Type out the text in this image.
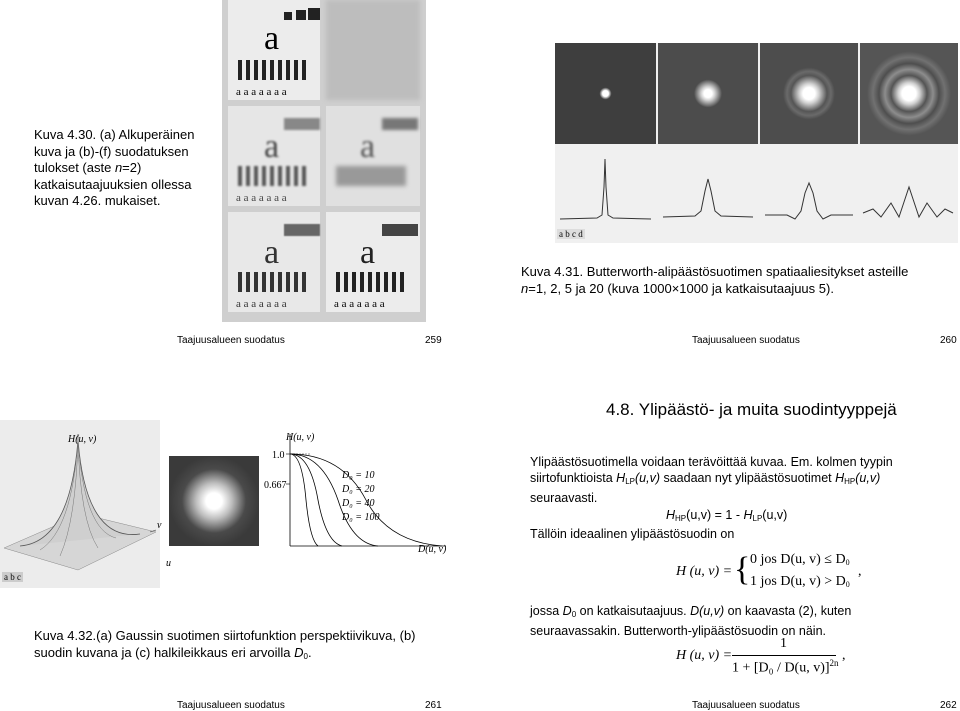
Kuva 4.30. (a) Alkuperäinen
kuva ja (b)-(f) suodatuksen
tulokset (aste n=2)
katkaisutaajuuksien ollessa
kuvan 4.26. mukaiset.
a
a a a a a a a
a
a a a a a a a
a
a a a a a a a
a
a
a a a a a a a
Taajuusalueen suodatus	259
a b c d
Kuva 4.31. Butterworth-alipäästösuotimen spatiaaliesitykset asteille
n=1, 2, 5 ja 20 (kuva 1000×1000 ja katkaisutaajuus 5).
Taajuusalueen suodatus	260
H(u, v)
v
u
a b c
H(u, v)
1.0
0.667
D(u, v)
D₀ = 10
D₀ = 20
D₀ = 40
D₀ = 100
Kuva 4.32.(a) Gaussin suotimen siirtofunktion perspektiivikuva, (b)
suodin kuvana ja (c) halkileikkaus eri arvoilla $D_0$.
Taajuusalueen suodatus	261
4.8. Ylipäästö- ja muita suodintyyppejä
Ylipäästösuotimella voidaan terävöittää kuvaa. Em. kolmen tyypin
siirtofunktioista $H_{LP}(u,v)$ saadaan nyt ylipäästösuotimet $H_{HP}(u,v)$
seuraavasti.
$H_{HP}(u,v) = 1 - H_{LP}(u,v)$
Tällöin ideaalinen ylipäästösuodin on
H (u, v) = { 0 jos D(u, $v) \le D_0$
1 jos D(u, $v) > D_0$
,
jossa $D_0$ on katkaisutaajuus. D(u,v) on kaavasta (2), kuten
seuraavassakin. Butterworth-ylipäästösuodin on näin.
H (u, v) =
1
1 + [D₀ / D(u, v)]$^{2n}$ ,
Taajuusalueen suodatus	262
